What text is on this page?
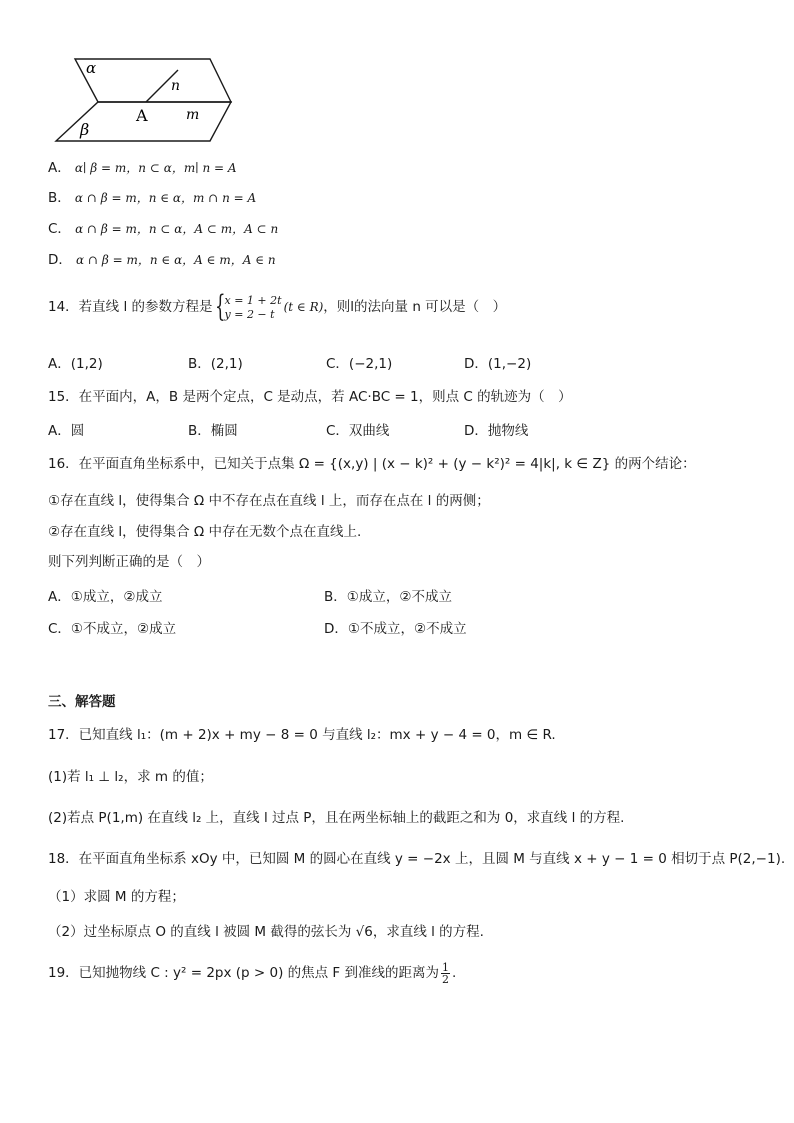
α
β
n
A	m
A． α∣ β = m，n ⊂ α，m∣ n = A
B． α ∩ β = m，n ∈ α，m ∩ n = A
C． α ∩ β = m，n ⊂ α，A ⊂ m，A ⊂ n
D． α ∩ β = m，n ∈ α，A ∈ m，A ∈ n
14．若直线 l 的参数方程是 { x = 1 + 2t
y = 2 − t (t ∈ R)，则l的法向量 n 可以是（　）
A．(1,2)	B．(2,1)	C．(−2,1)	D．(1,−2)
15．在平面内，A，B 是两个定点，C 是动点，若 AC·BC = 1，则点 C 的轨迹为（　）
A．圆	B．椭圆	C．双曲线	D．抛物线
16．在平面直角坐标系中，已知关于点集 Ω = {(x,y) | (x − k)² + (y − k²)² = 4|k|, k ∈ Z} 的两个结论：
①存在直线 l，使得集合 Ω 中不存在点在直线 l 上，而存在点在 l 的两侧；
②存在直线 l，使得集合 Ω 中存在无数个点在直线上.
则下列判断正确的是（　）
A．①成立，②成立	B．①成立，②不成立
C．①不成立，②成立	D．①不成立，②不成立
三、解答题
17．已知直线 l₁：(m + 2)x + my − 8 = 0 与直线 l₂：mx + y − 4 = 0，m ∈ R.
(1)若 l₁ ⊥ l₂，求 m 的值；
(2)若点 P(1,m) 在直线 l₂ 上，直线 l 过点 P，且在两坐标轴上的截距之和为 0，求直线 l 的方程.
18．在平面直角坐标系 xOy 中，已知圆 M 的圆心在直线 y = −2x 上，且圆 M 与直线 x + y − 1 = 0 相切于点 P(2,−1).
（1）求圆 M 的方程；
（2）过坐标原点 O 的直线 l 被圆 M 截得的弦长为 √6，求直线 l 的方程.
19．已知抛物线 C : y² = 2px (p > 0) 的焦点 F 到准线的距离为 $\frac{1}{2}$ .
